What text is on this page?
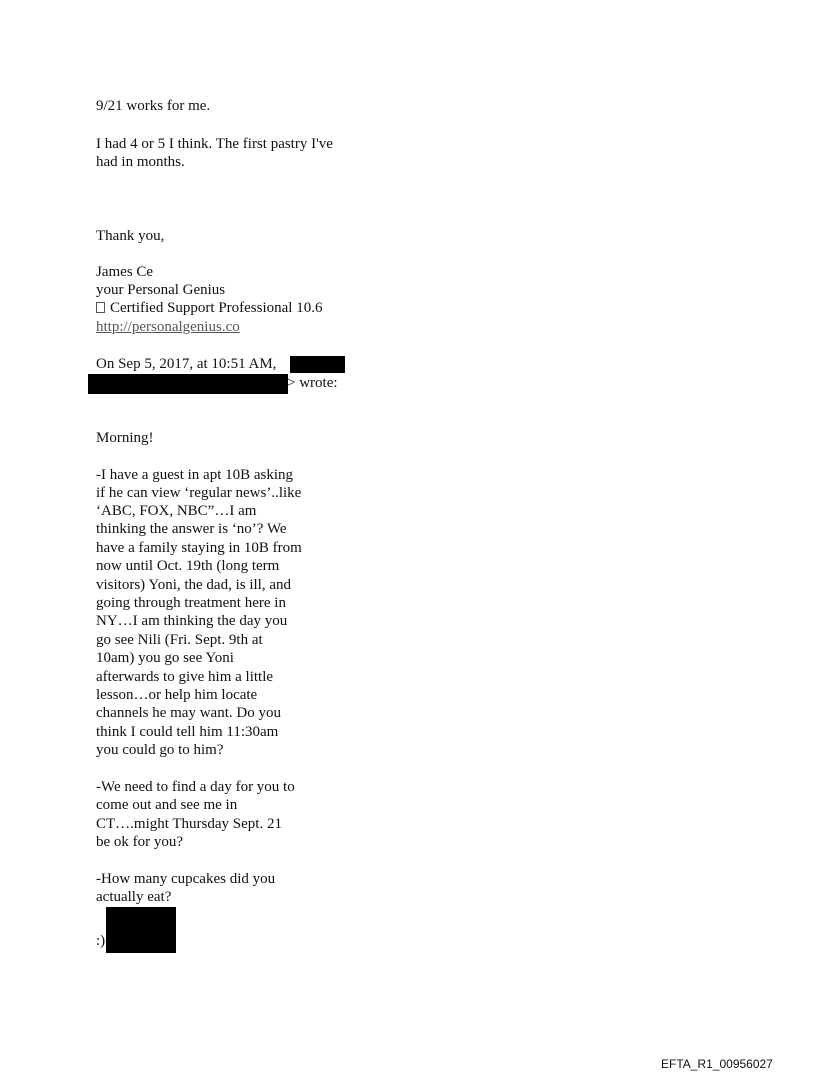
9/21 works for me.
I had 4 or 5 I think. The first pastry I've
had in months.
Thank you,
James Ce
your Personal Genius
Certified Support Professional 10.6
http://personalgenius.co
On Sep 5, 2017, at 10:51 AM,
> wrote:
Morning!
-I have a guest in apt 10B asking
if he can view ‘regular news’..like
‘ABC, FOX, NBC”…I am
thinking the answer is ‘no’? We
have a family staying in 10B from
now until Oct. 19th (long term
visitors) Yoni, the dad, is ill, and
going through treatment here in
NY…I am thinking the day you
go see Nili (Fri. Sept. 9th at
10am) you go see Yoni
afterwards to give him a little
lesson…or help him locate
channels he may want. Do you
think I could tell him 11:30am
you could go to him?
-We need to find a day for you to
come out and see me in
CT….might Thursday Sept. 21
be ok for you?
-How many cupcakes did you
actually eat?
:)
EFTA_R1_00956027
